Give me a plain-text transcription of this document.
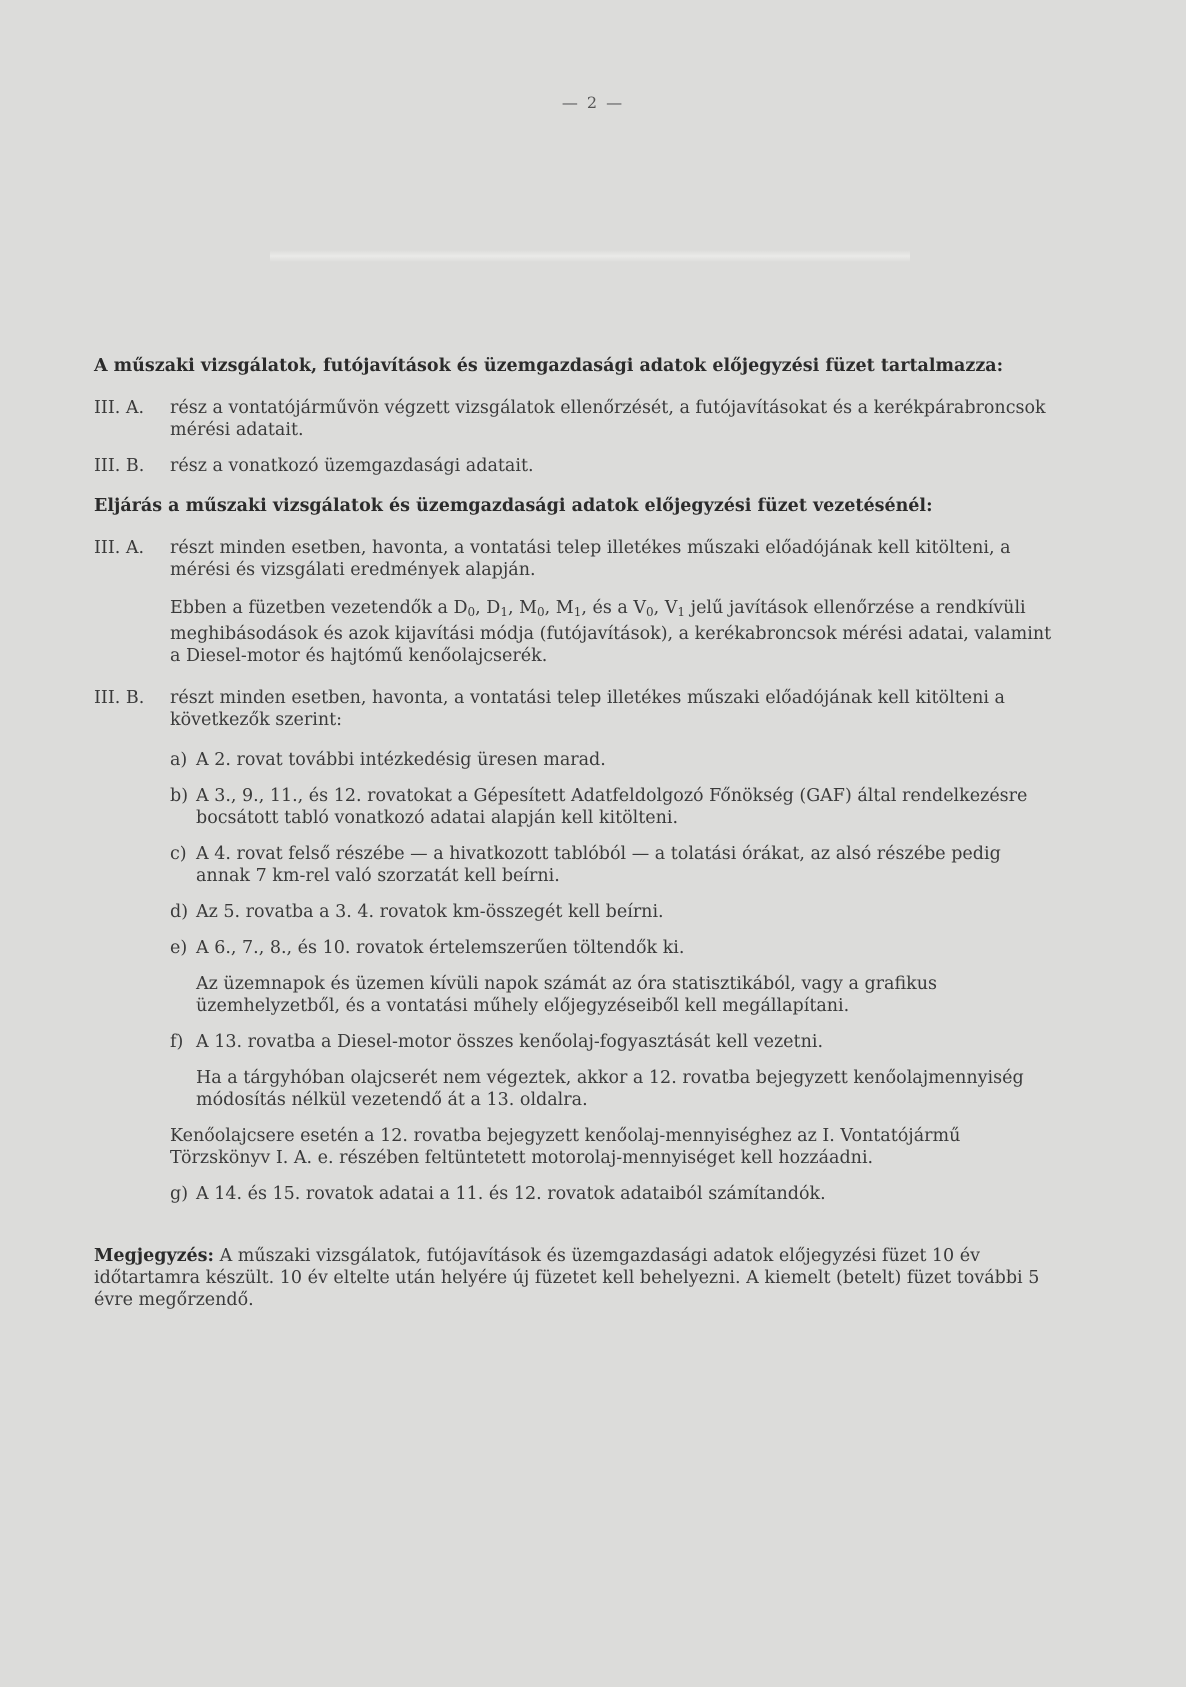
— 2 —

A műszaki vizsgálatok, futójavítások és üzemgazdasági adatok előjegyzési füzet tartalmazza:

III. A. rész a vontatójárművön végzett vizsgálatok ellenőrzését, a futójavításokat és a kerékpárabroncsok mérési adatait.
III. B. rész a vonatkozó üzemgazdasági adatait.

Eljárás a műszaki vizsgálatok és üzemgazdasági adatok előjegyzési füzet vezetésénél:

III. A. részt minden esetben, havonta, a vontatási telep illetékes műszaki előadójának kell kitölteni, a mérési és vizsgálati eredmények alapján.

Ebben a füzetben vezetendők a $D_0$, $D_1$, $M_0$, $M_1$, és a $V_0$, $V_1$ jelű javítások ellenőrzése a rendkívüli meghibásodások és azok kijavítási módja (futójavítások), a kerékabroncsok mérési adatai, valamint a Diesel-motor és hajtómű kenőolajcserék.

III. B. részt minden esetben, havonta, a vontatási telep illetékes műszaki előadójának kell kitölteni a következők szerint:
a) A 2. rovat további intézkedésig üresen marad.
b) A 3., 9., 11., és 12. rovatokat a Gépesített Adatfeldolgozó Főnökség (GAF) által rendelkezésre bocsátott tabló vonatkozó adatai alapján kell kitölteni.
c) A 4. rovat felső részébe — a hivatkozott tablóból — a tolatási órákat, az alsó részébe pedig annak 7 km-rel való szorzatát kell beírni.
d) Az 5. rovatba a 3. 4. rovatok km-összegét kell beírni.
e) A 6., 7., 8., és 10. rovatok értelemszerűen töltendők ki.

Az üzemnapok és üzemen kívüli napok számát az óra statisztikából, vagy a grafikus üzemhelyzetből, és a vontatási műhely előjegyzéseiből kell megállapítani.

f) A 13. rovatba a Diesel-motor összes kenőolaj-fogyasztását kell vezetni.

Ha a tárgyhóban olajcserét nem végeztek, akkor a 12. rovatba bejegyzett kenőolajmennyiség módosítás nélkül vezetendő át a 13. oldalra.

Kenőolajcsere esetén a 12. rovatba bejegyzett kenőolaj-mennyiséghez az I. Vontatójármű Törzskönyv I. A. e. részében feltüntetett motorolaj-mennyiséget kell hozzáadni.

g) A 14. és 15. rovatok adatai a 11. és 12. rovatok adataiból számítandók.

Megjegyzés: A műszaki vizsgálatok, futójavítások és üzemgazdasági adatok előjegyzési füzet 10 év időtartamra készült. 10 év eltelte után helyére új füzetet kell behelyezni. A kiemelt (betelt) füzet további 5 évre megőrzendő.
